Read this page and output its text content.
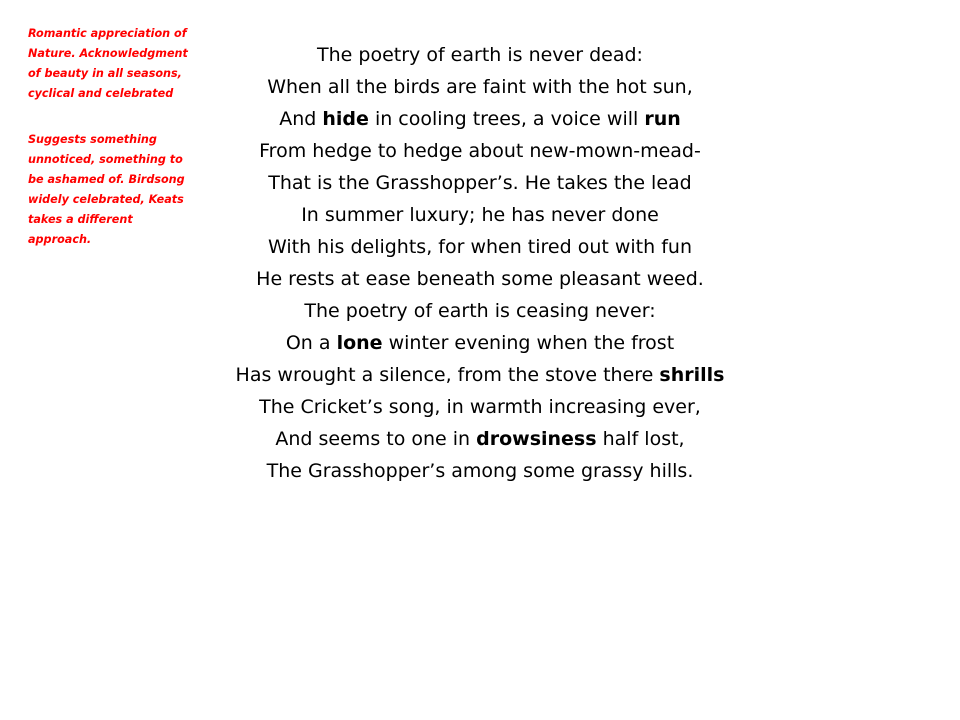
Romantic appreciation of
Nature. Acknowledgment
of beauty in all seasons,
cyclical and celebrated
Suggests something
unnoticed, something to
be ashamed of. Birdsong
widely celebrated, Keats
takes a different
approach.
The poetry of earth is never dead:
When all the birds are faint with the hot sun,
And hide in cooling trees, a voice will run
From hedge to hedge about new-mown-mead-
That is the Grasshopper’s. He takes the lead
In summer luxury; he has never done
With his delights, for when tired out with fun
He rests at ease beneath some pleasant weed.
The poetry of earth is ceasing never:
On a lone winter evening when the frost
Has wrought a silence, from the stove there shrills
The Cricket’s song, in warmth increasing ever,
And seems to one in drowsiness half lost,
The Grasshopper’s among some grassy hills.
